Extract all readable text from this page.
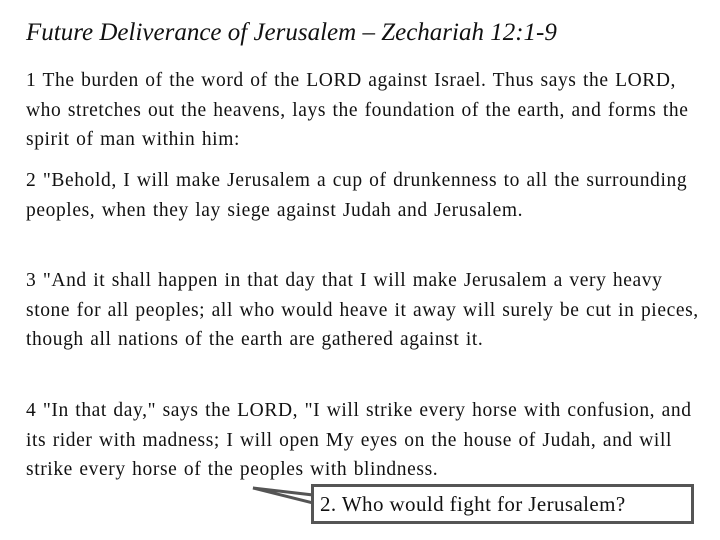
Future Deliverance of Jerusalem – Zechariah 12:1-9
1 The burden of the word of the LORD against Israel. Thus says the LORD, who stretches out the heavens, lays the foundation of the earth, and forms the spirit of man within him:
2 "Behold, I will make Jerusalem a cup of drunkenness to all the surrounding peoples, when they lay siege against Judah and Jerusalem.
3 "And it shall happen in that day that I will make Jerusalem a very heavy stone for all peoples; all who would heave it away will surely be cut in pieces, though all nations of the earth are gathered against it.
4 "In that day," says the LORD, "I will strike every horse with confusion, and its rider with madness; I will open My eyes on the house of Judah, and will strike every horse of the peoples with blindness.
2. Who would fight for Jerusalem?
